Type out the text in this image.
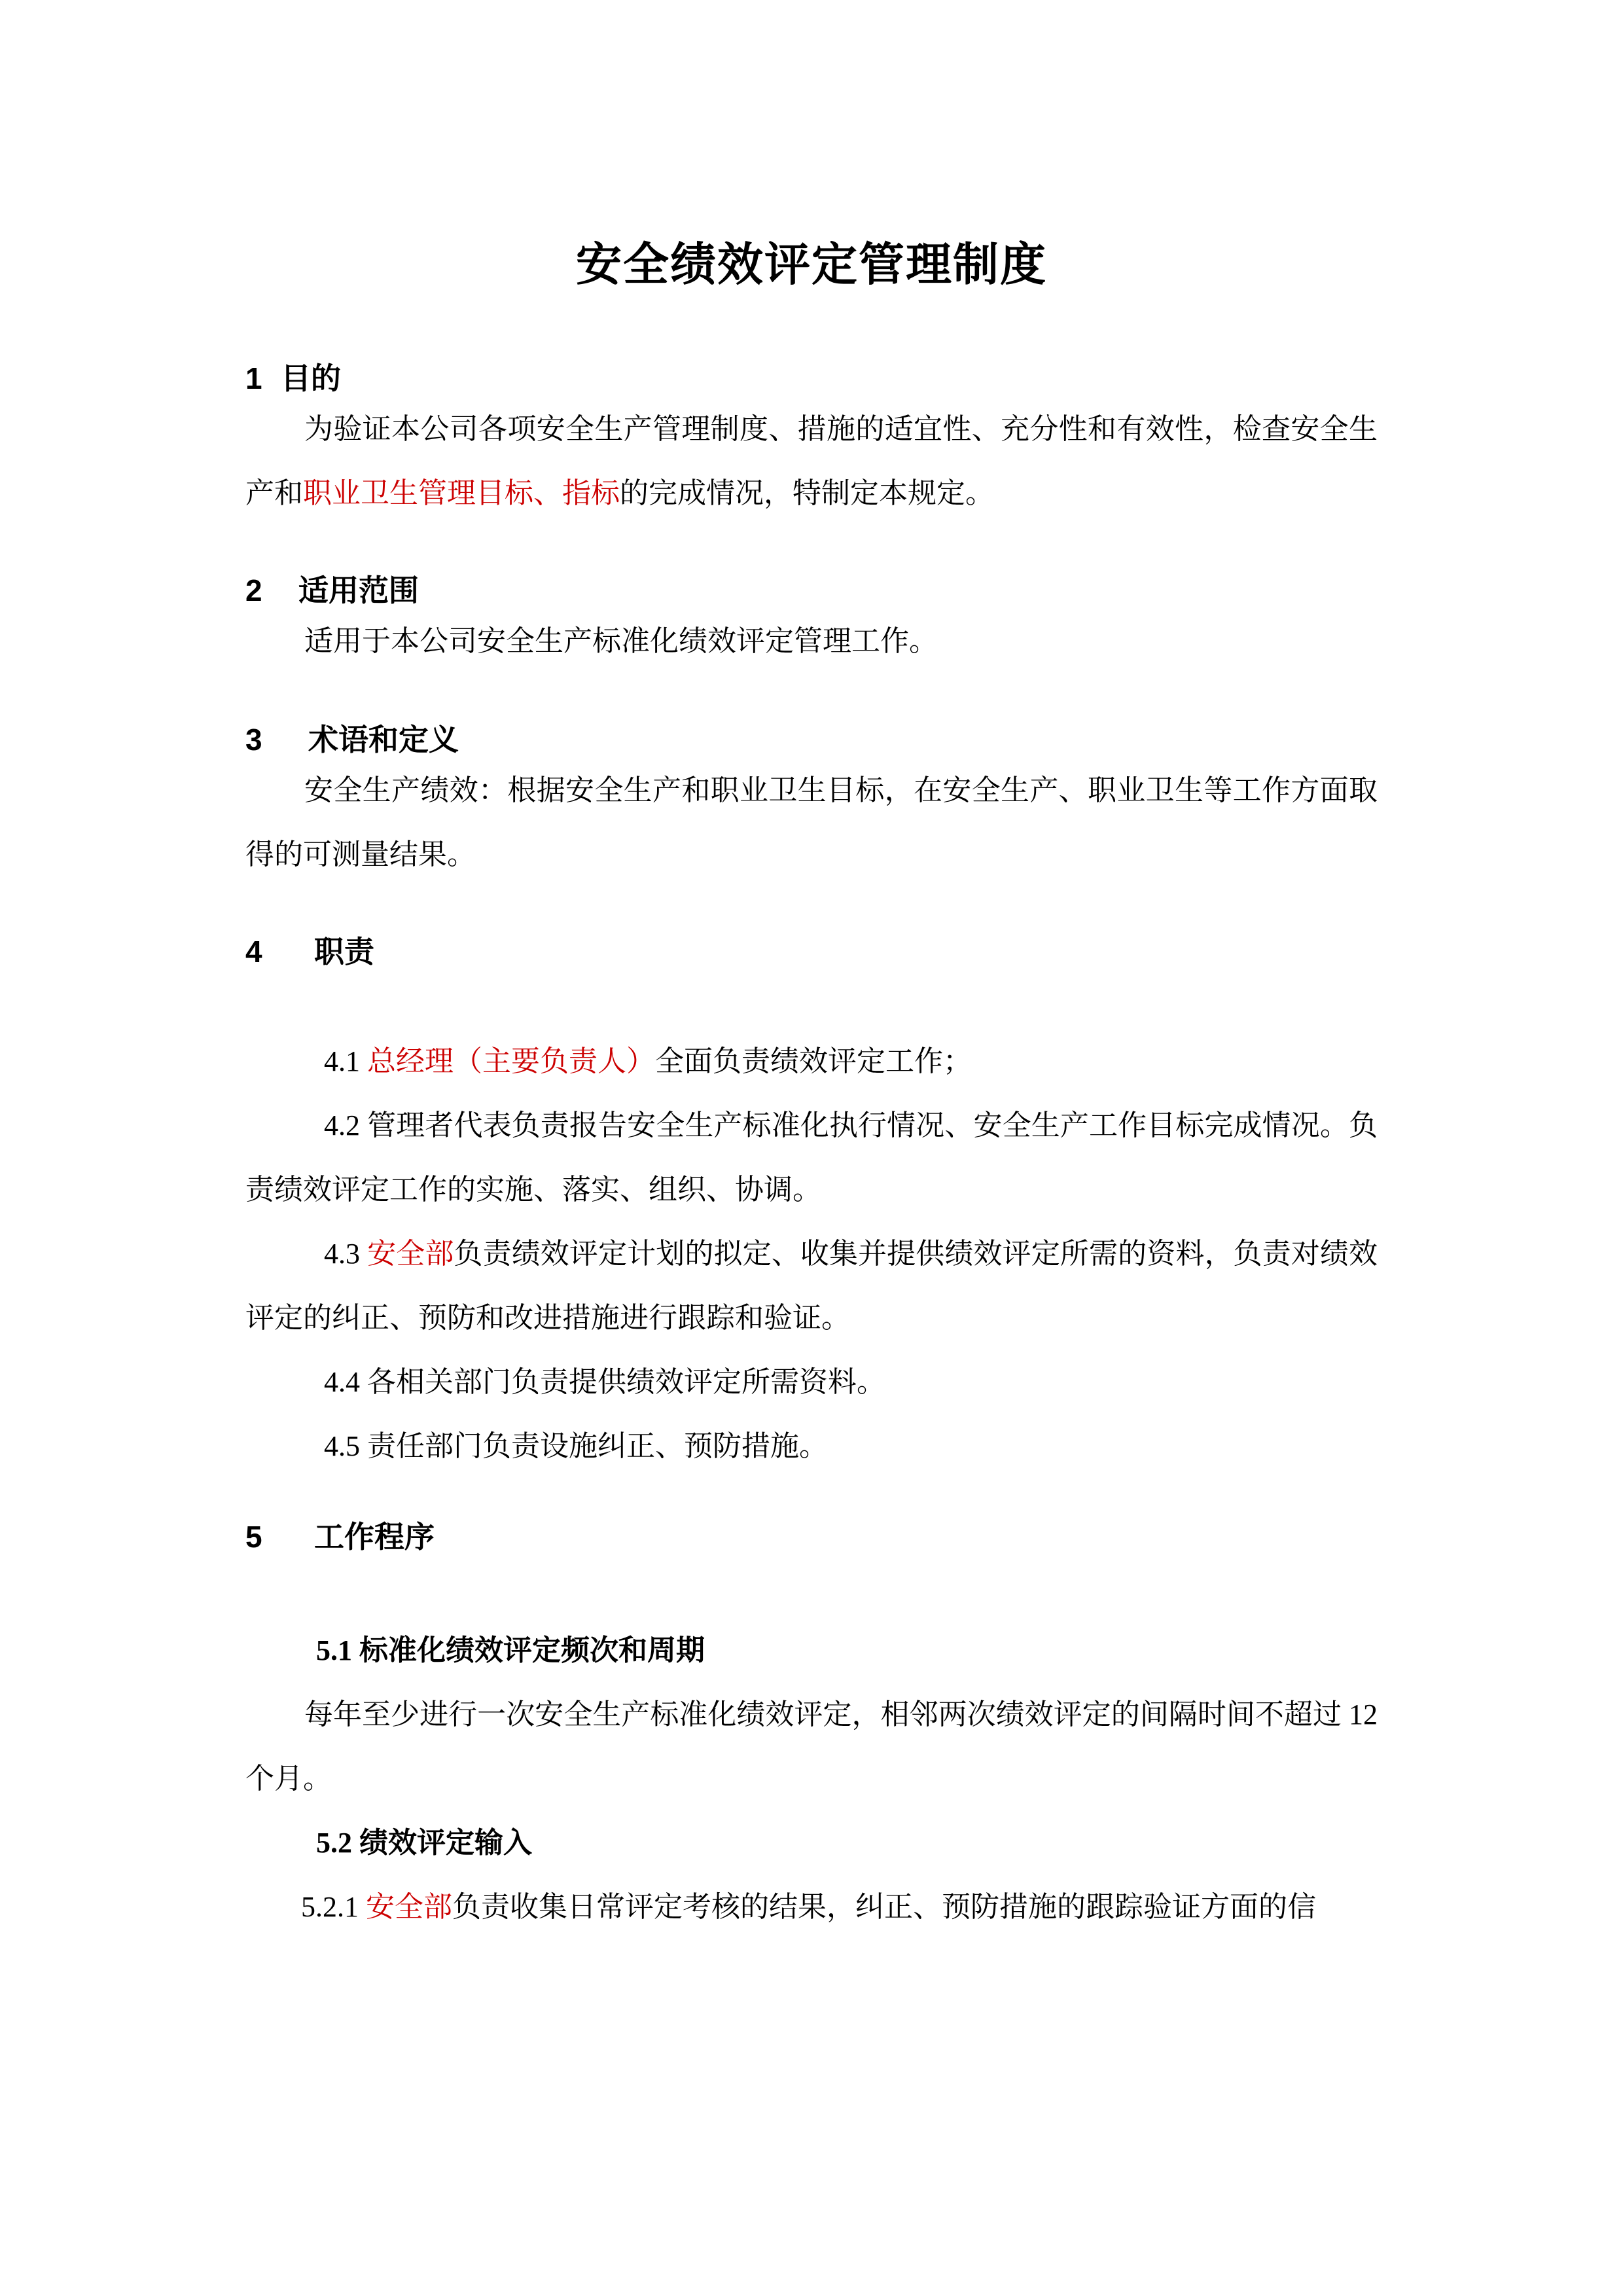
安全绩效评定管理制度
1 目的

为验证本公司各项安全生产管理制度、措施的适宜性、充分性和有效性，检查安全生产和职业卫生管理目标、指标的完成情况，特制定本规定。

2 适用范围

适用于本公司安全生产标准化绩效评定管理工作。

3 术语和定义

安全生产绩效：根据安全生产和职业卫生目标，在安全生产、职业卫生等工作方面取得的可测量结果。

4 职责

4.1 总经理（主要负责人）全面负责绩效评定工作；

4.2 管理者代表负责报告安全生产标准化执行情况、安全生产工作目标完成情况。负责绩效评定工作的实施、落实、组织、协调。

4.3 安全部负责绩效评定计划的拟定、收集并提供绩效评定所需的资料，负责对绩效评定的纠正、预防和改进措施进行跟踪和验证。

4.4 各相关部门负责提供绩效评定所需资料。

4.5 责任部门负责设施纠正、预防措施。

5 工作程序

5.1 标准化绩效评定频次和周期

每年至少进行一次安全生产标准化绩效评定，相邻两次绩效评定的间隔时间不超过 12 个月。

5.2 绩效评定输入

5.2.1 安全部负责收集日常评定考核的结果，纠正、预防措施的跟踪验证方面的信
